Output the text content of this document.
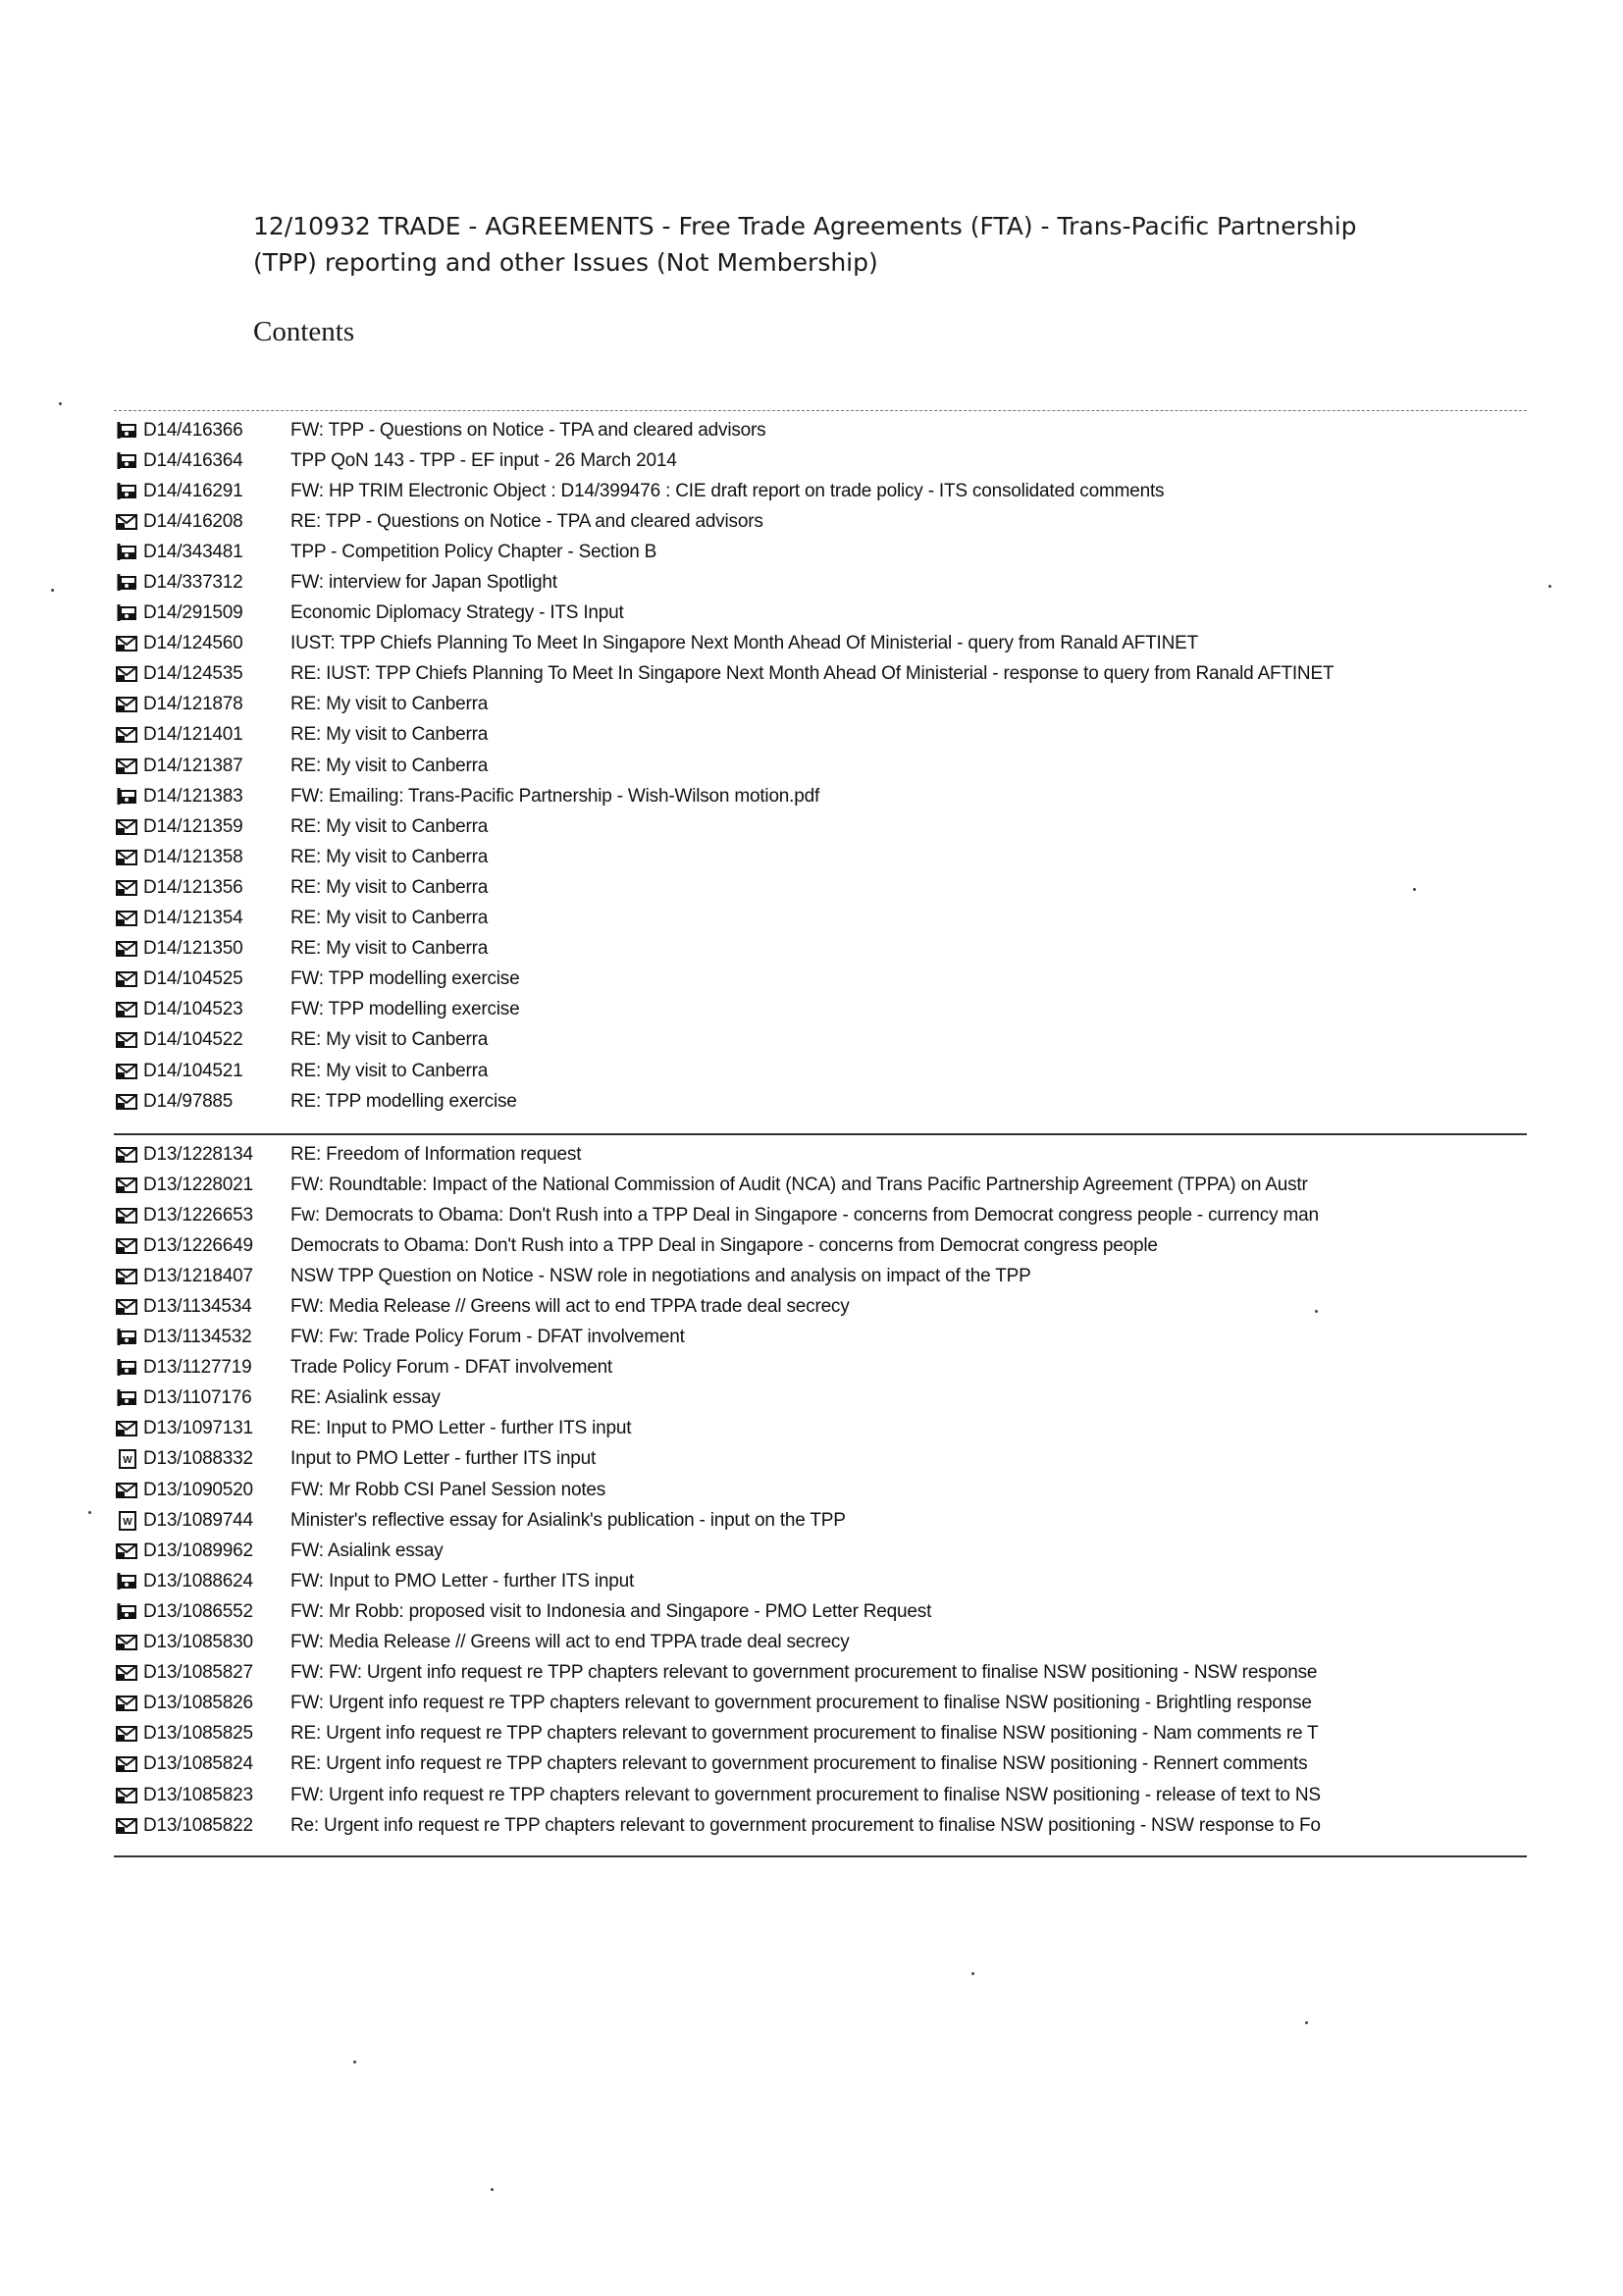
12/10932 TRADE - AGREEMENTS - Free Trade Agreements (FTA) - Trans-Pacific Partnership
(TPP) reporting and other Issues (Not Membership)
Contents
D14/416366	FW: TPP - Questions on Notice - TPA and cleared advisors
D14/416364	TPP QoN 143 - TPP - EF input - 26 March 2014
D14/416291	FW: HP TRIM Electronic Object : D14/399476 : CIE draft report on trade policy - ITS consolidated comments
D14/416208	RE: TPP - Questions on Notice - TPA and cleared advisors
D14/343481	TPP - Competition Policy Chapter - Section B
D14/337312	FW: interview for Japan Spotlight
D14/291509	Economic Diplomacy Strategy - ITS Input
D14/124560	IUST: TPP Chiefs Planning To Meet In Singapore Next Month Ahead Of Ministerial - query from Ranald AFTINET
D14/124535	RE: IUST: TPP Chiefs Planning To Meet In Singapore Next Month Ahead Of Ministerial - response to query from Ranald AFTINET
D14/121878	RE: My visit to Canberra
D14/121401	RE: My visit to Canberra
D14/121387	RE: My visit to Canberra
D14/121383	FW: Emailing: Trans-Pacific Partnership - Wish-Wilson motion.pdf
D14/121359	RE: My visit to Canberra
D14/121358	RE: My visit to Canberra
D14/121356	RE: My visit to Canberra
D14/121354	RE: My visit to Canberra
D14/121350	RE: My visit to Canberra
D14/104525	FW: TPP modelling exercise
D14/104523	FW: TPP modelling exercise
D14/104522	RE: My visit to Canberra
D14/104521	RE: My visit to Canberra
D14/97885	RE: TPP modelling exercise
D13/1228134	RE: Freedom of Information request
D13/1228021	FW: Roundtable: Impact of the National Commission of Audit (NCA) and Trans Pacific Partnership Agreement (TPPA) on Austr
D13/1226653	Fw: Democrats to Obama: Don't Rush into a TPP Deal in Singapore - concerns from Democrat congress people - currency man
D13/1226649	Democrats to Obama: Don't Rush into a TPP Deal in Singapore - concerns from Democrat congress people
D13/1218407	NSW TPP Question on Notice - NSW role in negotiations and analysis on impact of the TPP
D13/1134534	FW: Media Release // Greens will act to end TPPA trade deal secrecy
D13/1134532	FW: Fw: Trade Policy Forum - DFAT involvement
D13/1127719	Trade Policy Forum - DFAT involvement
D13/1107176	RE: Asialink essay
D13/1097131	RE: Input to PMO Letter - further ITS input
W D13/1088332	Input to PMO Letter - further ITS input
D13/1090520	FW: Mr Robb CSI Panel Session notes
W D13/1089744	Minister's reflective essay for Asialink's publication - input on the TPP
D13/1089962	FW: Asialink essay
D13/1088624	FW: Input to PMO Letter - further ITS input
D13/1086552	FW: Mr Robb: proposed visit to Indonesia and Singapore - PMO Letter Request
D13/1085830	FW: Media Release // Greens will act to end TPPA trade deal secrecy
D13/1085827	FW: FW: Urgent info request re TPP chapters relevant to government procurement to finalise NSW positioning - NSW response
D13/1085826	FW: Urgent info request re TPP chapters relevant to government procurement to finalise NSW positioning - Brightling response
D13/1085825	RE: Urgent info request re TPP chapters relevant to government procurement to finalise NSW positioning - Nam comments re T
D13/1085824	RE: Urgent info request re TPP chapters relevant to government procurement to finalise NSW positioning - Rennert comments
D13/1085823	FW: Urgent info request re TPP chapters relevant to government procurement to finalise NSW positioning - release of text to NS
D13/1085822	Re: Urgent info request re TPP chapters relevant to government procurement to finalise NSW positioning - NSW response to Fo
